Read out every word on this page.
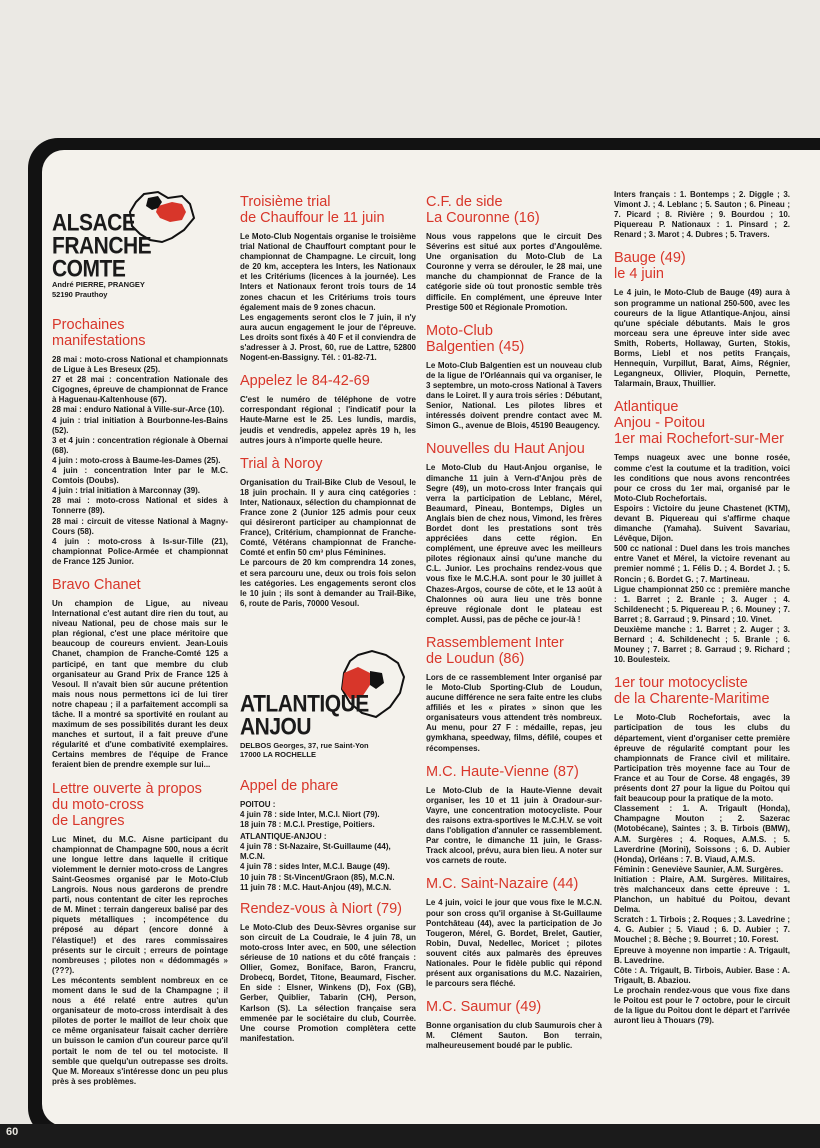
60
ALSACE
FRANCHE COMTE
André PIERRE, PRANGEY
52190 Prauthoy
Prochaines
manifestations

28 mai : moto-cross National et championnats de Ligue à Les Breseux (25).
27 et 28 mai : concentration Nationale des Cigognes, épreuve de championnat de France à Haguenau-Kaltenhouse (67).
28 mai : enduro National à Ville-sur-Arce (10).
4 juin : trial initiation à Bourbonne-les-Bains (52).
3 et 4 juin : concentration régionale à Obernai (68).
4 juin : moto-cross à Baume-les-Dames (25).
4 juin : concentration Inter par le M.C. Comtois (Doubs).
4 juin : trial initiation à Marconnay (39).
28 mai : moto-cross National et sides à Tonnerre (89).
28 mai : circuit de vitesse National à Magny-Cours (58).
4 juin : moto-cross à Is-sur-Tille (21), championnat Police-Armée et championnat de France 125 Junior.

Bravo Chanet

Un champion de Ligue, au niveau International c'est autant dire rien du tout, au niveau National, peu de chose mais sur le plan régional, c'est une place méritoire que beaucoup de coureurs envient. Jean-Louis Chanet, champion de Franche-Comté 125 a participé, en tant que membre du club organisateur au Grand Prix de France 125 à Vesoul. Il n'avait bien sûr aucune prétention mais nous nous permettons ici de lui tirer notre chapeau ; il a parfaitement accompli sa tâche. Il a montré sa sportivité en roulant au maximum de ses possibilités durant les deux manches et surtout, il a fait preuve d'une régularité et d'une combativité exemplaires. Certains membres de l'équipe de France feraient bien de prendre exemple sur lui...

Lettre ouverte à propos
du moto-cross
de Langres

Luc Minet, du M.C. Aisne participant du championnat de Champagne 500, nous a écrit une longue lettre dans laquelle il critique violemment le dernier moto-cross de Langres Saint-Geosmes organisé par le Moto-Club Langrois. Nous nous garderons de prendre parti, nous contentant de citer les reproches de M. Minet : terrain dangereux balisé par des piquets métalliques ; incompétence du préposé au départ (encore donné à l'élastique!) et des rares commissaires présents sur le circuit ; erreurs de pointage nombreuses ; pilotes non « dédommagés » (???).
Les mécontents semblent nombreux en ce moment dans le sud de la Champagne ; il nous a été relaté entre autres qu'un organisateur de moto-cross interdisait à des pilotes de porter le maillot de leur choix que ce même organisateur faisait cacher derrière un buisson le camion d'un coureur parce qu'il portait le nom de tel ou tel motociste. Il semble que quelqu'un outrepasse ses droits. Que M. Moreaux s'intéresse donc un peu plus près à ses problèmes.

Troisième trial
de Chauffour le 11 juin

Le Moto-Club Nogentais organise le troisième trial National de Chauffourt comptant pour le championnat de Champagne. Le circuit, long de 20 km, acceptera les Inters, les Nationaux et les Critériums (licences à la journée). Les Inters et Nationaux feront trois tours de 14 zones chacun et les Critériums trois tours également mais de 9 zones chacun.
Les engagements seront clos le 7 juin, il n'y aura aucun engagement le jour de l'épreuve. Les droits sont fixés à 40 F et il conviendra de s'adresser à J. Prost, 60, rue de Lattre, 52800 Nogent-en-Bassigny. Tél. : 01-82-71.

Appelez le 84-42-69

C'est le numéro de téléphone de votre correspondant régional ; l'indicatif pour la Haute-Marne est le 25. Les lundis, mardis, jeudis et vendredis, appelez après 19 h, les autres jours à n'importe quelle heure.

Trial à Noroy

Organisation du Trail-Bike Club de Vesoul, le 18 juin prochain. Il y aura cinq catégories : Inter, Nationaux, sélection du championnat de France zone 2 (Junior 125 admis pour ceux qui désireront participer au championnat de France), Critérium, championnat de Franche-Comté, Vétérans championnat de Franche-Comté et enfin 50 cm³ plus Féminines.
Le parcours de 20 km comprendra 14 zones, et sera parcouru une, deux ou trois fois selon les catégories. Les engagements seront clos le 10 juin ; ils sont à demander au Trail-Bike, 6, route de Paris, 70000 Vesoul.

ATLANTIQUE
ANJOU
DELBOS Georges, 37, rue Saint-Yon
17000 LA ROCHELLE
Appel de phare
POITOU :
4 juin 78 : side Inter, M.C.I. Niort (79).
18 juin 78 : M.C.I. Prestige, Poitiers.
ATLANTIQUE-ANJOU :
4 juin 78 : St-Nazaire, St-Guillaume (44), M.C.N.
4 juin 78 : sides Inter, M.C.I. Bauge (49).
10 juin 78 : St-Vincent/Graon (85), M.C.N.
11 juin 78 : M.C. Haut-Anjou (49), M.C.N.
Rendez-vous à Niort (79)

Le Moto-Club des Deux-Sèvres organise sur son circuit de La Coudraie, le 4 juin 78, un moto-cross Inter avec, en 500, une sélection sérieuse de 10 nations et du côté français : Ollier, Gomez, Boniface, Baron, Francru, Drobecq, Bordet, Titone, Beaumard, Fischer. En side : Elsner, Winkens (D), Fox (GB), Gerber, Quiblier, Tabarin (CH), Person, Karlson (S). La sélection française sera emmenée par le sociétaire du club, Courrèe. Une course Promotion complètera cette manifestation.

C.F. de side
La Couronne (16)

Nous vous rappelons que le circuit Des Séverins est situé aux portes d'Angoulême. Une organisation du Moto-Club de La Couronne y verra se dérouler, le 28 mai, une manche du championnat de France de la catégorie side où tout pronostic semble très difficile. En complément, une épreuve Inter Prestige 500 et Régionale Promotion.

Moto-Club
Balgentien (45)

Le Moto-Club Balgentien est un nouveau club de la ligue de l'Orléannais qui va organiser, le 3 septembre, un moto-cross National à Tavers dans le Loiret. Il y aura trois séries : Débutant, Senior, National. Les pilotes libres et intéressés doivent prendre contact avec M. Simon G., avenue de Blois, 45190 Beaugency.

Nouvelles du Haut Anjou

Le Moto-Club du Haut-Anjou organise, le dimanche 11 juin à Vern-d'Anjou près de Segre (49), un moto-cross Inter français qui verra la participation de Leblanc, Mérel, Beaumard, Pineau, Bontemps, Digles un Anglais bien de chez nous, Vimond, les frères Bordet dont les prestations sont très appréciées dans cette région. En complément, une épreuve avec les meilleurs pilotes régionaux ainsi qu'une manche du C.L. Junior. Les prochains rendez-vous que vous fixe le M.C.H.A. sont pour le 30 juillet à Chazes-Argos, course de côte, et le 13 août à Chalonnes où aura lieu une très bonne épreuve régionale dont le plateau est complet. Aussi, pas de pêche ce jour-là !

Rassemblement Inter
de Loudun (86)

Lors de ce rassemblement Inter organisé par le Moto-Club Sporting-Club de Loudun, aucune différence ne sera faite entre les clubs affiliés et les « pirates » sinon que les organisateurs vous attendent très nombreux. Au menu, pour 27 F : médaille, repas, jeu gymkhana, speedway, films, défilé, coupes et récompenses.

M.C. Haute-Vienne (87)

Le Moto-Club de la Haute-Vienne devait organiser, les 10 et 11 juin à Oradour-sur-Vayre, une concentration motocycliste. Pour des raisons extra-sportives le M.C.H.V. se voit dans l'obligation d'annuler ce rassemblement. Par contre, le dimanche 11 juin, le Grass-Track alcool, prévu, aura bien lieu. A noter sur vos carnets de route.

M.C. Saint-Nazaire (44)

Le 4 juin, voici le jour que vous fixe le M.C.N. pour son cross qu'il organise à St-Guillaume Pontchâteau (44), avec la participation de Jo Tougeron, Mérel, G. Bordet, Brelet, Gautier, Robin, Duval, Nedellec, Moricet ; pilotes souvent cités aux palmarès des épreuves Nationales. Pour le fidèle public qui répond présent aux organisations du M.C. Nazairien, le parcours sera fléché.

M.C. Saumur (49)

Bonne organisation du club Saumurois cher à M. Clément Sauton. Bon terrain, malheureusement boudé par le public.

Inters français : 1. Bontemps ; 2. Diggle ; 3. Vimont J. ; 4. Leblanc ; 5. Sauton ; 6. Pineau ; 7. Picard ; 8. Rivière ; 9. Bourdou ; 10. Piquereau P. Nationaux : 1. Pinsard ; 2. Renard ; 3. Marot ; 4. Dubres ; 5. Travers.

Bauge (49)
le 4 juin

Le 4 juin, le Moto-Club de Bauge (49) aura à son programme un national 250-500, avec les coureurs de la ligue Atlantique-Anjou, ainsi qu'une spéciale débutants. Mais le gros morceau sera une épreuve inter side avec Smith, Roberts, Hollaway, Gurten, Stokis, Borms, Liebl et nos petits Français, Hennequin, Vurpillut, Barat, Aims, Régnier, Legangneux, Ollivier, Ploquin, Pernette, Talarmain, Braux, Thuillier.

Atlantique
Anjou - Poitou
1er mai Rochefort-sur-Mer

Temps nuageux avec une bonne rosée, comme c'est la coutume et la tradition, voici les conditions que nous avons rencontrées pour ce cross du 1er mai, organisé par le Moto-Club Rochefortais.
Espoirs : Victoire du jeune Chastenet (KTM), devant B. Piquereau qui s'affirme chaque dimanche (Yamaha). Suivent Savariau, Lévêque, Dijon.
500 cc national : Duel dans les trois manches entre Vanet et Mérel, la victoire revenant au premier nommé ; 1. Félis D. ; 4. Bordet J. ; 5. Roncin ; 6. Bordet G. ; 7. Martineau.
Ligue championnat 250 cc : première manche : 1. Barret ; 2. Branle ; 3. Auger ; 4. Schildenecht ; 5. Piquereau P. ; 6. Mouney ; 7. Barret ; 8. Garraud ; 9. Pinsard ; 10. Vinet.
Deuxième manche : 1. Barret ; 2. Auger ; 3. Bernard ; 4. Schildenecht ; 5. Branle ; 6. Mouney ; 7. Barret ; 8. Garraud ; 9. Richard ; 10. Boulesteix.

1er tour motocycliste
de la Charente-Maritime

Le Moto-Club Rochefortais, avec la participation de tous les clubs du département, vient d'organiser cette première épreuve de régularité comptant pour les championnats de France civil et militaire. Participation très moyenne face au Tour de France et au Tour de Corse. 48 engagés, 39 présents dont 27 pour la ligue du Poitou qui fait beaucoup pour la pratique de la moto.
Classement : 1. A. Trigault (Honda), Champagne Mouton ; 2. Sazerac (Motobécane), Saintes ; 3. B. Tirbois (BMW), A.M. Surgères ; 4. Roques, A.M.S. ; 5. Laverdrine (Morini), Soissons ; 6. D. Aubier (Honda), Orléans : 7. B. Viaud, A.M.S.
Féminin : Geneviève Saunier, A.M. Surgères.
Initiation : Plaire, A.M. Surgères. Militaires, très malchanceux dans cette épreuve : 1. Planchon, un habitué du Poitou, devant Delma.
Scratch : 1. Tirbois ; 2. Roques ; 3. Lavedrine ; 4. G. Aubier ; 5. Viaud ; 6. D. Aubier ; 7. Mouchel ; 8. Bèche ; 9. Bourret ; 10. Forest.
Epreuve à moyenne non impartie : A. Trigault, B. Lavedrine.
Côte : A. Trigault, B. Tirbois, Aubier. Base : A. Trigault, B. Abaziou.
Le prochain rendez-vous que vous fixe dans le Poitou est pour le 7 octobre, pour le circuit de la ligue du Poitou dont le départ et l'arrivée auront lieu à Thouars (79).
